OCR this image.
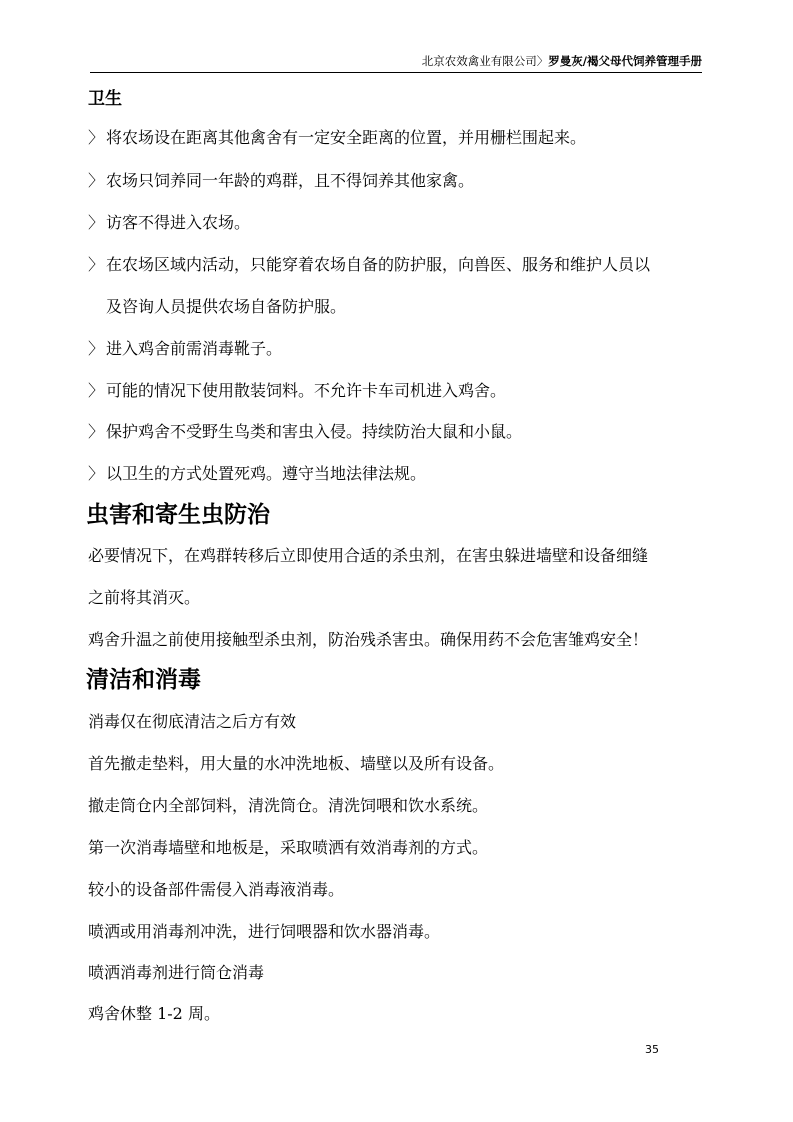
北京农效禽业有限公司〉罗曼灰/褐父母代饲养管理手册
卫生
〉 将农场设在距离其他禽舍有一定安全距离的位置，并用栅栏围起来。
〉 农场只饲养同一年龄的鸡群，且不得饲养其他家禽。
〉 访客不得进入农场。
〉 在农场区域内活动，只能穿着农场自备的防护服，向兽医、服务和维护人员以
及咨询人员提供农场自备防护服。
〉 进入鸡舍前需消毒靴子。
〉 可能的情况下使用散装饲料。不允许卡车司机进入鸡舍。
〉 保护鸡舍不受野生鸟类和害虫入侵。持续防治大鼠和小鼠。
〉 以卫生的方式处置死鸡。遵守当地法律法规。
虫害和寄生虫防治
必要情况下，在鸡群转移后立即使用合适的杀虫剂，在害虫躲进墙壁和设备细缝
之前将其消灭。
鸡舍升温之前使用接触型杀虫剂，防治残杀害虫。确保用药不会危害雏鸡安全！
清洁和消毒
消毒仅在彻底清洁之后方有效
首先撤走垫料，用大量的水冲洗地板、墙壁以及所有设备。
撤走筒仓内全部饲料，清洗筒仓。清洗饲喂和饮水系统。
第一次消毒墙壁和地板是，采取喷洒有效消毒剂的方式。
较小的设备部件需侵入消毒液消毒。
喷洒或用消毒剂冲洗，进行饲喂器和饮水器消毒。
喷洒消毒剂进行筒仓消毒
鸡舍休整 1-2 周。
35
